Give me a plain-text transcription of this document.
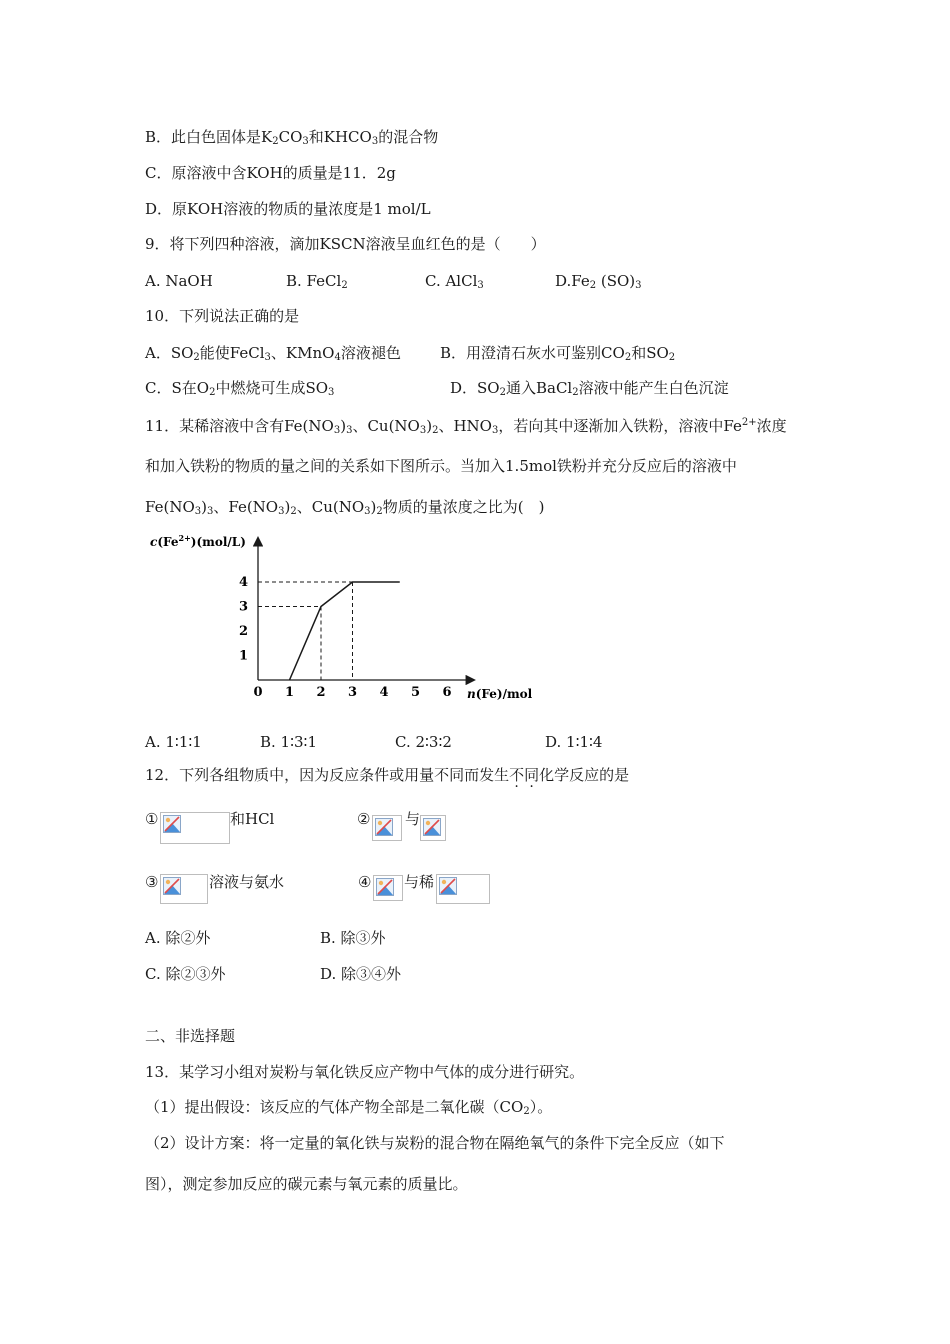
B．此白色固体是$K_2CO_3$和$KHCO_3$的混合物
C．原溶液中含KOH的质量是11．2g
D．原KOH溶液的物质的量浓度是1 mol/L
9．将下列四种溶液，滴加KSCN溶液呈血红色的是（　　）
A. NaOH	B. FeCl$_2$	C. AlCl$_3$	$D.Fe_2$ $(SO)_3$
10．下列说法正确的是
A．$SO_2$能使FeCl$_3$、KMnO$_4$溶液褪色	B．用澄清石灰水可鉴别$CO_2$和$SO_2$
C．S在$O_2$中燃烧可生成$SO_3$	D．$SO_2$通入BaCl$_2$溶液中能产生白色沉淀
11．某稀溶液中含有$Fe(NO_3)_3$、$Cu(NO_3)_2$、$HNO_3$，若向其中逐渐加入铁粉，溶液中$Fe^{2+}$浓度
和加入铁粉的物质的量之间的关系如下图所示。当加入1.5mol铁粉并充分反应后的溶液中
$Fe(NO_3)_3$、$Fe(NO_3)_2$、$Cu(NO_3)_2$物质的量浓度之比为(　)
0 1 2 3 4 5 6
1
2
3
4
$c(Fe^{2+})(mol/L)$
n(Fe)/mol
A. 1∶1∶1	B. 1∶3∶1	C. 2∶3∶2	D. 1∶1∶4
12．下列各组物质中，因为反应条件或用量不同而发生不同化学反应的是
①	和HCl	② 与
③	溶液与氨水	④ 与稀
A. 除②外	B. 除③外
C. 除②③外	D. 除③④外
二、非选择题
13．某学习小组对炭粉与氧化铁反应产物中气体的成分进行研究。
（1）提出假设：该反应的气体产物全部是二氧化碳$(CO_2)$。
（2）设计方案：将一定量的氧化铁与炭粉的混合物在隔绝氧气的条件下完全反应（如下
图），测定参加反应的碳元素与氧元素的质量比。
